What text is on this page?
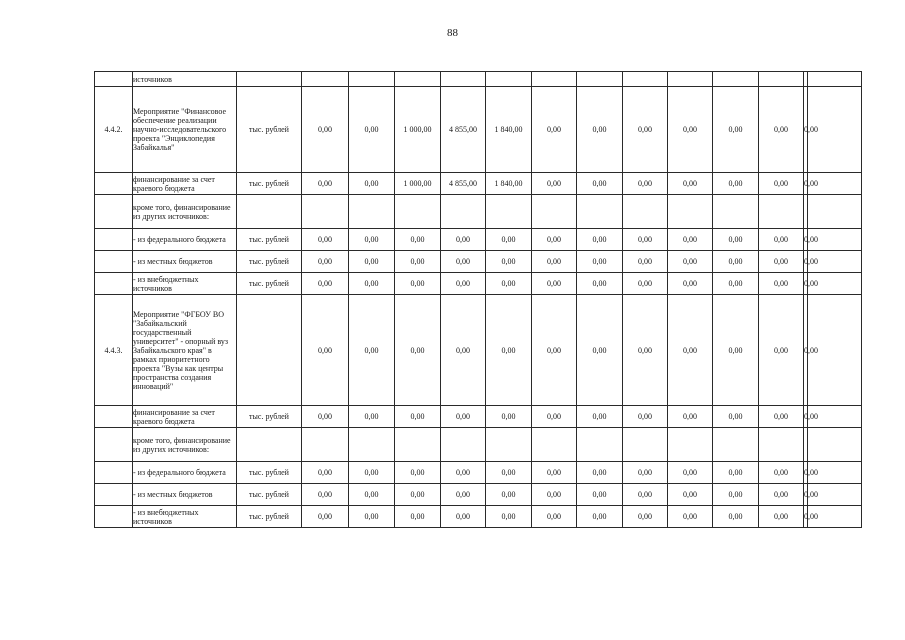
88
	источников														
4.4.2.	Мероприятие "Финансовое обеспечение реализации научно-исследовательского проекта "Энциклопедия Забайкалья"	тыс. рублей	0,00	0,00	1 000,00	4 855,00	1 840,00	0,00	0,00	0,00	0,00	0,00	0,00	0,00	
	финансирование за счет краевого бюджета	тыс. рублей	0,00	0,00	1 000,00	4 855,00	1 840,00	0,00	0,00	0,00	0,00	0,00	0,00	0,00	
	кроме того, финансирование из других источников:														
	- из федерального бюджета	тыс. рублей	0,00	0,00	0,00	0,00	0,00	0,00	0,00	0,00	0,00	0,00	0,00	0,00	
	- из местных бюджетов	тыс. рублей	0,00	0,00	0,00	0,00	0,00	0,00	0,00	0,00	0,00	0,00	0,00	0,00	
	- из внебюджетных источников	тыс. рублей	0,00	0,00	0,00	0,00	0,00	0,00	0,00	0,00	0,00	0,00	0,00	0,00	
4.4.3.	Мероприятие "ФГБОУ ВО "Забайкальский государственный университет" - опорный вуз Забайкальского края" в рамках приоритетного проекта "Вузы как центры пространства создания инноваций"		0,00	0,00	0,00	0,00	0,00	0,00	0,00	0,00	0,00	0,00	0,00	0,00	
	финансирование за счет краевого бюджета	тыс. рублей	0,00	0,00	0,00	0,00	0,00	0,00	0,00	0,00	0,00	0,00	0,00	0,00	
	кроме того, финансирование из других источников:														
	- из федерального бюджета	тыс. рублей	0,00	0,00	0,00	0,00	0,00	0,00	0,00	0,00	0,00	0,00	0,00	0,00	
	- из местных бюджетов	тыс. рублей	0,00	0,00	0,00	0,00	0,00	0,00	0,00	0,00	0,00	0,00	0,00	0,00	
	- из внебюджетных источников	тыс. рублей	0,00	0,00	0,00	0,00	0,00	0,00	0,00	0,00	0,00	0,00	0,00	0,00	
